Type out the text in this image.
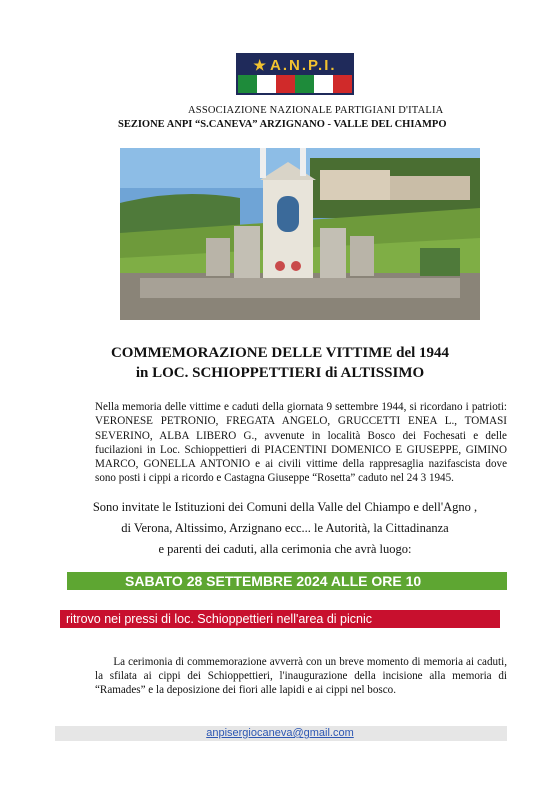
★ A.N.P.I.
ASSOCIAZIONE NAZIONALE PARTIGIANI D'ITALIA
SEZIONE ANPI “S.CANEVA” ARZIGNANO - VALLE DEL CHIAMPO
COMMEMORAZIONE DELLE VITTIME del 1944
in LOC. SCHIOPPETTIERI di ALTISSIMO
Nella memoria delle vittime e caduti della giornata 9 settembre 1944, si ricordano i patrioti: VERONESE PETRONIO, FREGATA ANGELO, GRUCCETTI ENEA L., TOMASI SEVERINO, ALBA LIBERO G., avvenute in località Bosco dei Fochesati e delle fucilazioni in Loc. Schioppettieri di PIACENTINI DOMENICO E GIUSEPPE, GIMINO MARCO, GONELLA ANTONIO e ai civili vittime della rappresaglia nazifascista dove sono posti i cippi a ricordo e Castagna Giuseppe “Rosetta” caduto nel 24 3 1945.
Sono invitate le Istituzioni dei Comuni della Valle del Chiampo e dell'Agno ,
di Verona, Altissimo, Arzignano ecc... le Autorità, la Cittadinanza
e parenti dei caduti, alla cerimonia che avrà luogo:
SABATO 28 SETTEMBRE 2024 ALLE ORE 10
ritrovo nei pressi di loc. Schioppettieri nell'area di picnic
La cerimonia di commemorazione avverrà con un breve momento di memoria ai caduti, la sfilata ai cippi dei Schioppettieri, l'inaugurazione della incisione alla memoria di “Ramades” e la deposizione dei fiori alle lapidi e ai cippi nel bosco.
anpisergiocaneva@gmail.com
